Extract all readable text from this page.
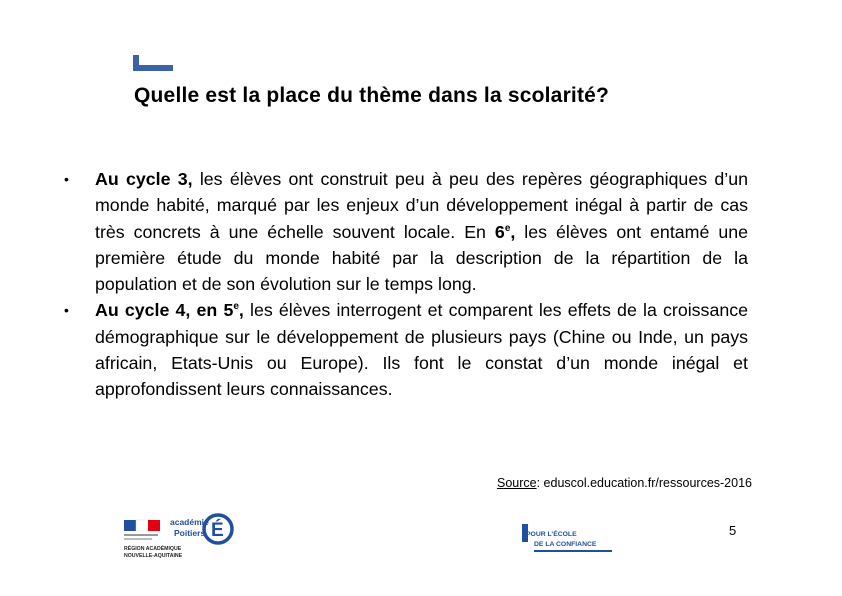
Quelle est la place du thème dans la scolarité?
• Au cycle 3, les élèves ont construit peu à peu des repères géographiques d’un monde habité, marqué par les enjeux d’un développement inégal à partir de cas très concrets à une échelle souvent locale. En 6e, les élèves ont entamé une première étude du monde habité par la description de la répartition de la population et de son évolution sur le temps long.
• Au cycle 4, en 5e, les élèves interrogent et comparent les effets de la croissance démographique sur le développement de plusieurs pays (Chine ou Inde, un pays africain, Etats-Unis ou Europe). Ils font le constat d’un monde inégal et approfondissent leurs connaissances.
Source: eduscol.education.fr/ressources-2016
RÉGION ACADÉMIQUE
NOUVELLE-AQUITAINE
académie
Poitiers É	POUR L’ÉCOLE
DE LA CONFIANCE
5
